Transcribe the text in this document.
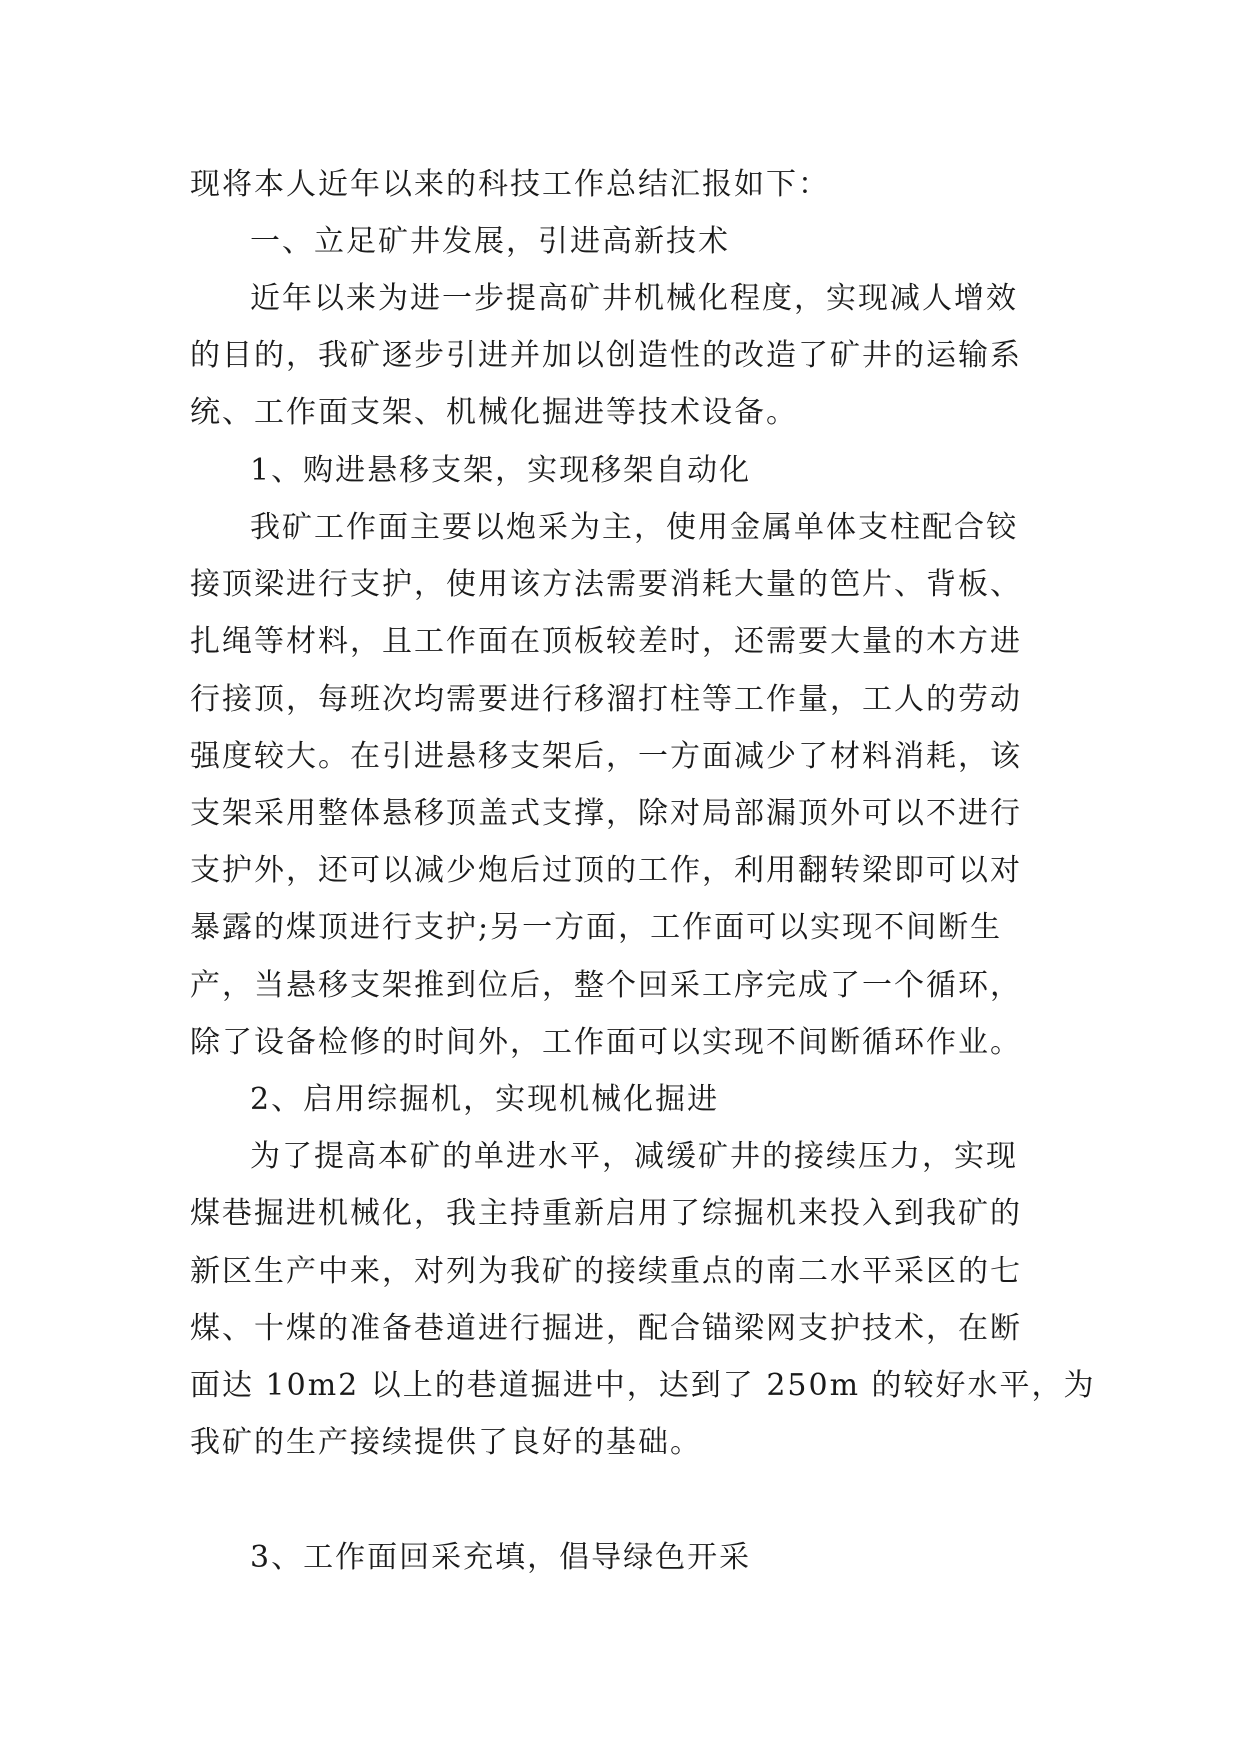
现将本人近年以来的科技工作总结汇报如下：
一、立足矿井发展，引进高新技术
近年以来为进一步提高矿井机械化程度，实现减人增效
的目的，我矿逐步引进并加以创造性的改造了矿井的运输系
统、工作面支架、机械化掘进等技术设备。
1、购进悬移支架，实现移架自动化
我矿工作面主要以炮采为主，使用金属单体支柱配合铰
接顶梁进行支护，使用该方法需要消耗大量的笆片、背板、
扎绳等材料，且工作面在顶板较差时，还需要大量的木方进
行接顶，每班次均需要进行移溜打柱等工作量，工人的劳动
强度较大。在引进悬移支架后，一方面减少了材料消耗，该
支架采用整体悬移顶盖式支撑，除对局部漏顶外可以不进行
支护外，还可以减少炮后过顶的工作，利用翻转梁即可以对
暴露的煤顶进行支护;另一方面，工作面可以实现不间断生
产，当悬移支架推到位后，整个回采工序完成了一个循环，
除了设备检修的时间外，工作面可以实现不间断循环作业。
2、启用综掘机，实现机械化掘进
为了提高本矿的单进水平，减缓矿井的接续压力，实现
煤巷掘进机械化，我主持重新启用了综掘机来投入到我矿的
新区生产中来，对列为我矿的接续重点的南二水平采区的七
煤、十煤的准备巷道进行掘进，配合锚梁网支护技术，在断
面达 10m2 以上的巷道掘进中，达到了 250m 的较好水平，为
我矿的生产接续提供了良好的基础。
3、工作面回采充填，倡导绿色开采
